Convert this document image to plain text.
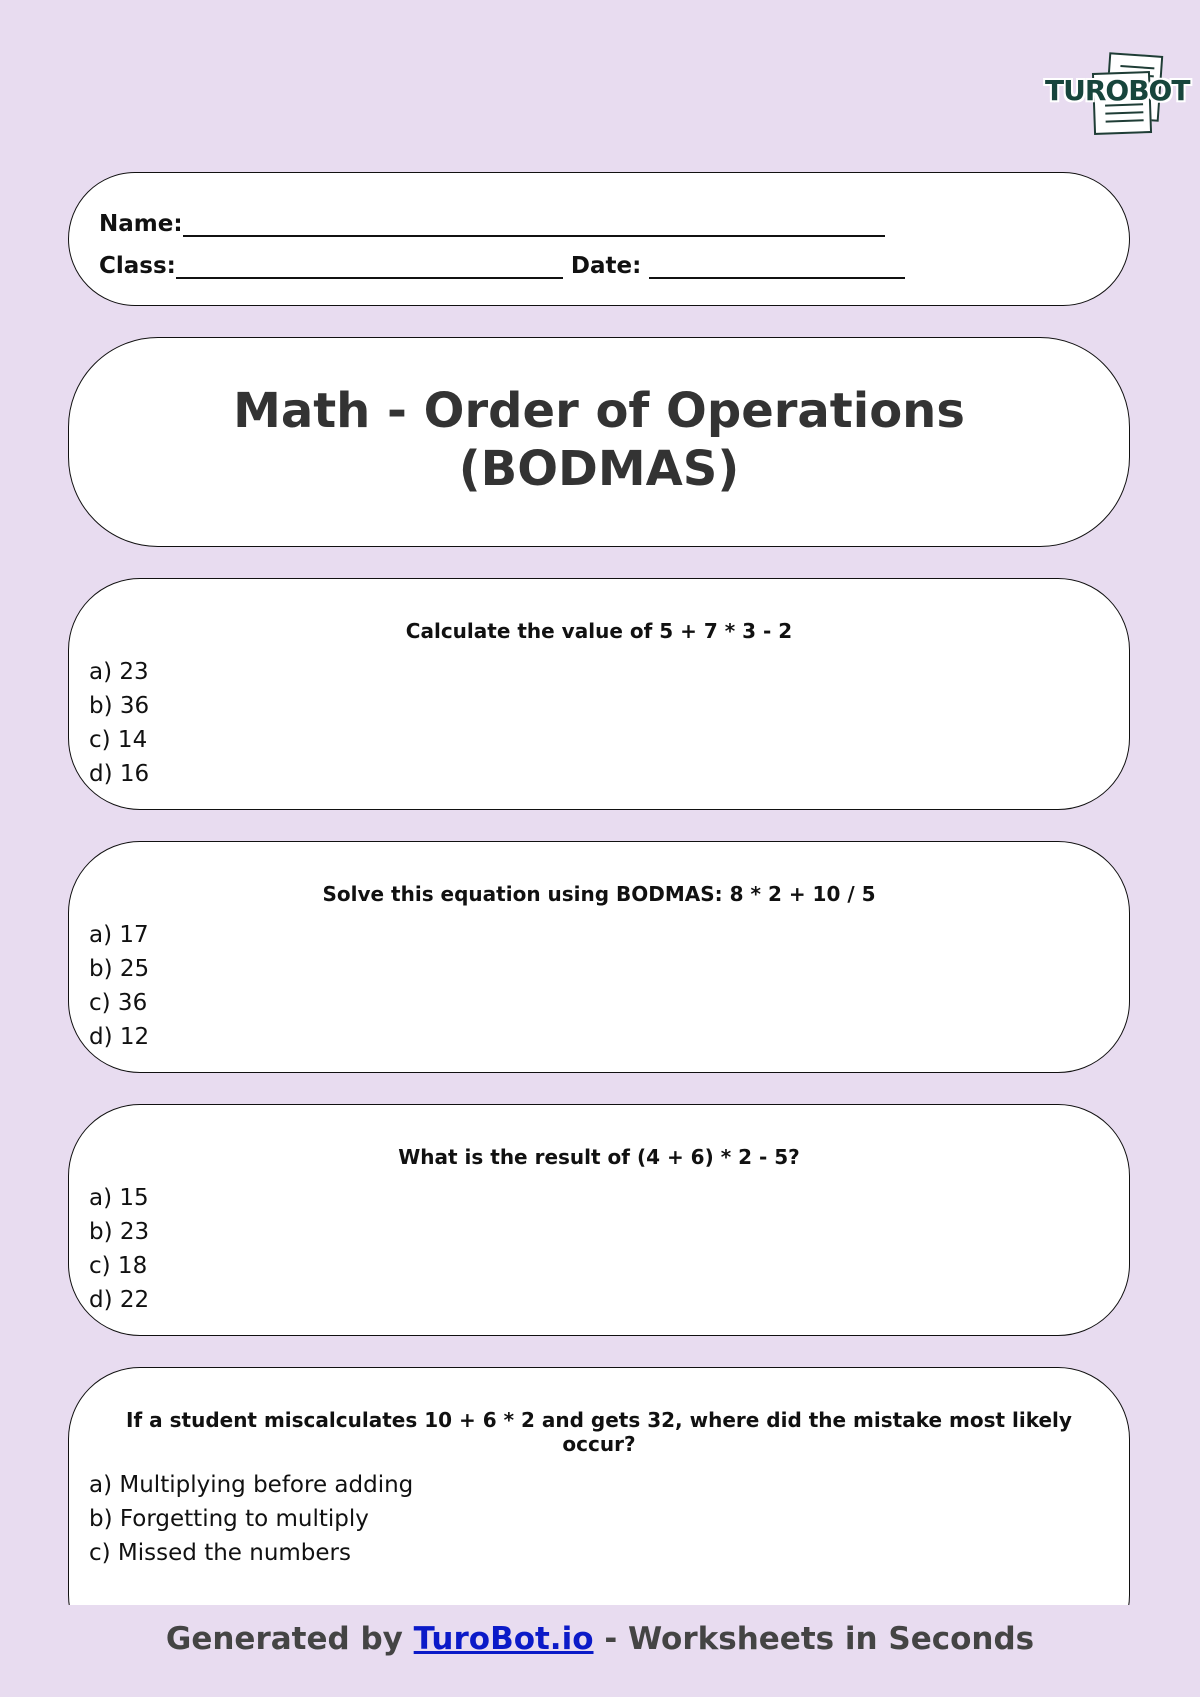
TUROBOT
Name:
Class:	Date:
Math - Order of Operations
(BODMAS)
Calculate the value of 5 + 7 * 3 - 2
a) 23
b) 36
c) 14
d) 16
Solve this equation using BODMAS: 8 * 2 + 10 / 5
a) 17
b) 25
c) 36
d) 12
What is the result of (4 + 6) * 2 - 5?
a) 15
b) 23
c) 18
d) 22
If a student miscalculates 10 + 6 * 2 and gets 32, where did the mistake most likely occur?
a) Multiplying before adding
b) Forgetting to multiply
c) Missed the numbers
Generated by TuroBot.io - Worksheets in Seconds
